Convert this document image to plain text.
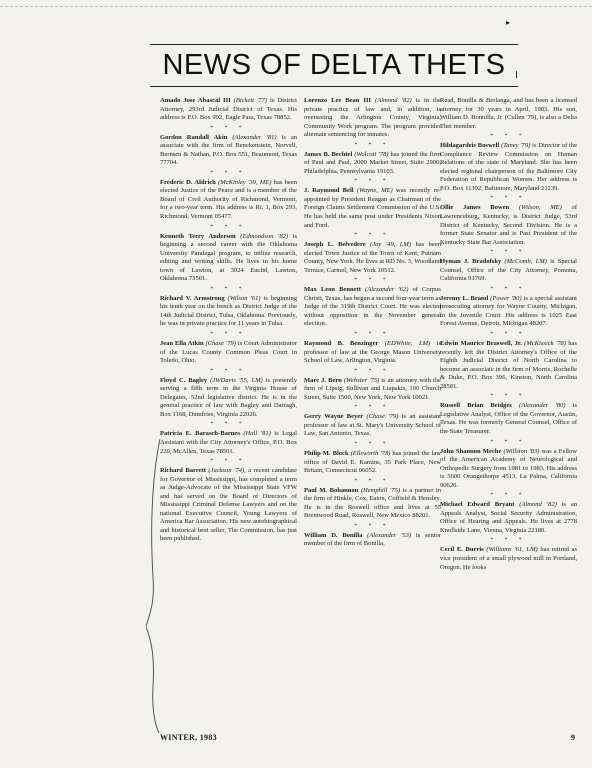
▸
NEWS OF DELTA THETS

Amado Jose Abascal III (Bickett '77) is District Attorney, 293rd Judicial District of Texas. His address is P.O. Box 992, Eagle Pass, Texas 78852.

* * *

Gordon Randall Akin (Alexander '81) is an associate with the firm of Benckenstein, Norvell, Bernsen & Nathan, P.O. Box 551, Beaumont, Texas 77704.

* * *

Frederic D. Aldrich (McKinley '39, ME) has been elected Justice of the Peace and is a member of the Board of Civil Authority of Richmond, Vermont, for a two-year term. His address is Rt. 1, Box 293, Richmond, Vermont 05477.

* * *

Kenneth Terry Anderson (Edmondson '82) is beginning a second career with the Oklahoma University Paralegal program, to utilize research, editing and writing skills. He lives in his home town of Lawton, at 3024 Euclid, Lawton, Oklahoma 73501.

* * *

Richard V. Armstrong (Wilson '61) is beginning his tenth year on the bench as District Judge of the 14th Judicial District, Tulsa, Oklahoma. Previously, he was in private practice for 11 years in Tulsa.

* * *

Jean Ella Atkin (Chase '79) is Court Administrator of the Lucas County Common Pleas Court in Toledo, Ohio.

* * *

Floyd C. Bagley (JWDavis '55, LM) is presently serving a fifth term in the Virginia House of Delegates, 52nd legislative district. He is in the general practice of law with Bagley and Darragh, Box 1168, Dumfries, Virginia 22026.

* * *

Patricia E. Barasch-Barnes (Hall '81) is Legal Assistant with the City Attorney's Office, P.O. Box 220, McAllen, Texas 78501.

* * *

Richard Barrett (Jackson '74), a recent candidate for Governor of Mississippi, has completed a term as Judge-Advocate of the Mississippi State VFW and has served on the Board of Directors of Mississippi Criminal Defense Lawyers and on the national Executive Council, Young Lawyers of America Bar Association. His new autobiographical and historical best seller, The Commission, has just been published.

Lorenzo Lee Bean III (Almond '82) is in the private practice of law and, in addition, is overseeing the Arlington County, Virginia, Community Work program. The program provides alternate sentencing for inmates.

* * *

James B. Bechtel (Wolcott '78) has joined the firm of Paul and Paul, 2000 Market Street, Suite 2900, Philadelphia, Pennsylvania 19103.

* * *

J. Raymond Bell (Wayne, ME) was recently re-appointed by President Reagan as Chairman of the Foreign Claims Settlement Commission of the U.S. He has held the same post under Presidents Nixon and Ford.

* * *

Joseph L. Belvedere (Jay '49, LM) has been elected Town Justice of the Town of Kent, Putnam County, New York. He lives at RD No. 3, Woodland Terrace, Carmel, New York 10512.

* * *

Max Leon Bennett (Alexander '62) of Corpus Christi, Texas, has begun a second four-year term as Judge of the 319th District Court. He was elected without opposition in the November general election.

* * *

Raymond B. Benzinger (EDWhite, LM) is professor of law at the George Mason University School of Law, Arlington, Virginia.

* * *

Marc J. Bern (Webster '75) is an attorney with the firm of Lipsig, Sullivan and Liapakis, 100 Church Street, Suite 1500, New York, New York 10021.

* * *

Gerry Wayne Beyer (Chase '79) is an assistant professor of law at St. Mary's University School of Law, San Antonio, Texas.

* * *

Philip M. Block (Ellsworth '78) has joined the law office of David E. Kamins, 35 Park Place, New Britain, Connecticut 06052.

* * *

Paul M. Bohannon (Hemphill '75) is a partner in the firm of Hinkle, Cox, Eaton, Coffield & Hensley. He is in the Roswell office and lives at 55 Brentwood Road, Roswell, New Mexico 88201.

* * *

William D. Bonilla (Alexander '53) is senior member of the firm of Bonilla,

Read, Bonilla & Berlanga, and has been a licensed attorney for 30 years in April, 1983. His son, William D. Bonnilla, Jr. (Cullen '79), is also a Delta Thet member.

* * *

Hildagardeis Boswell (Taney '79) is Director of the Compliance Review Commission on Human Relations of the state of Maryland. She has been elected regional chairperson of the Baltimore City Federation of Republican Women. Her address is P.O. Box 11392, Baltimore, Maryland 21239.

* * *

Ollie James Bowen (Wilson, ME) of Lawrenceburg, Kentucky, is District Judge, 53rd District of Kentucky, Second Division. He is a former State Senator and is Past President of the Kentucky State Bar Association.

* * *

Hyman J. Bradofsky (McComb, LM) is Special Counsel, Office of the City Attorney, Pomona, California 91769.

* * *

Jeremy L. Brand (Power '80) is a special assistant prosecuting attorney for Wayne County, Michigan, in the Juvenile Court. His address is 1025 East Forest Avenue, Detroit, Michigan 48207.

* * *

Edwin Maurice Braswell, Jr. (McKissick '78) has recently left the District Attorney's Office of the Eighth Judicial District of North Carolina to become an associate in the firm of Morris, Rochelle & Duke, P.O. Box 396, Kinston, North Carolina 28501.

* * *

Russell Brian Bridges (Alexander '80) is Legislative Analyst, Office of the Governor, Austin, Texas. He was formerly General Counsel, Office of the State Treasurer.

* * *

John Shannon Meche (Willston '83) was a Fellow of the American Academy of Neurological and Orthopedic Surgery from 1981 to 1983. His address is 5600 Orangethorpe 4513, La Palma, California 90620.

* * *

Michael Edward Bryant (Almond '82) is an Appeals Analyst, Social Security Administration, Office of Hearing and Appeals. He lives at 2778 Knollside Lane, Vienna, Virginia 22180.

* * *

Cecil E. Burris (Williams '61, LM) has retired as vice president of a small plywood mill in Portland, Oregon. He looks

WINTER, 1983	9
